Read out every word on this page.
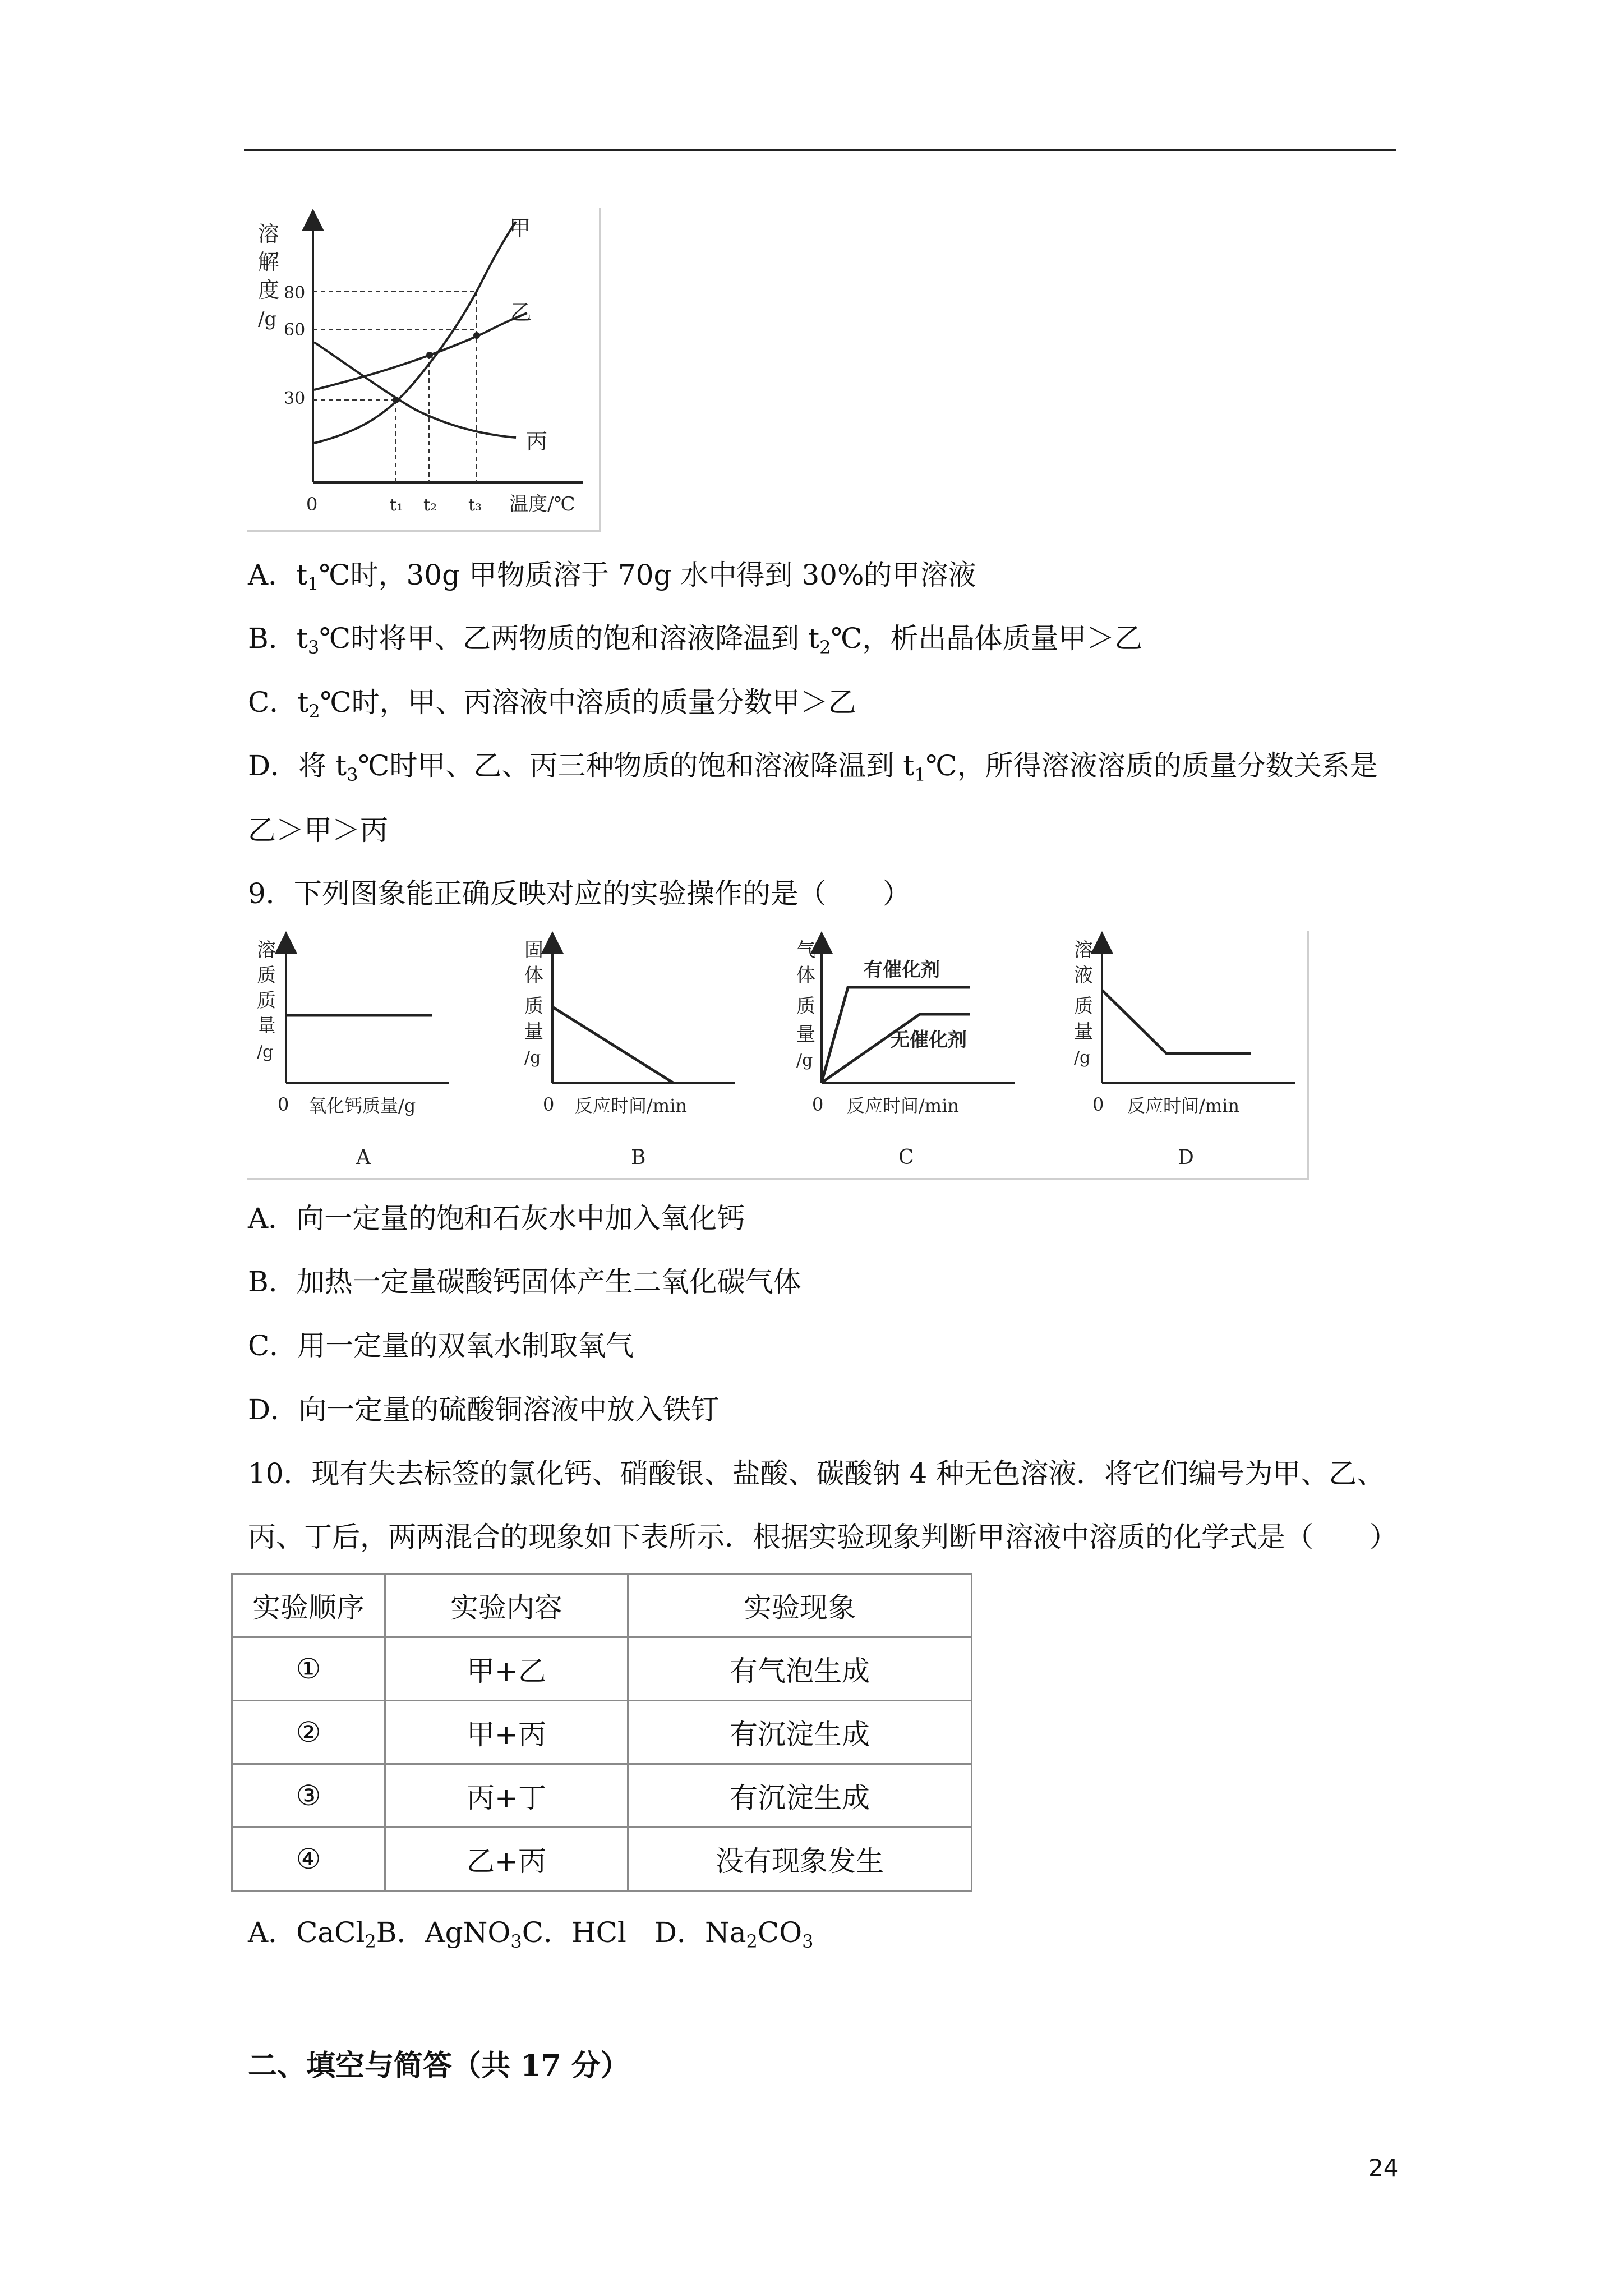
溶
解
度
/g
80
60
30
0	t₁ t₂ t₃ 温度/℃
甲
乙
丙
A．$t_1℃$时，30g 甲物质溶于 70g 水中得到 30%的甲溶液
B．$t_3℃$时将甲、乙两物质的饱和溶液降温到 $t_2℃$，析出晶体质量甲＞乙
C．$t_2℃$时，甲、丙溶液中溶质的质量分数甲＞乙
D．将 $t_3℃$时甲、乙、丙三种物质的饱和溶液降温到 $t_1℃$，所得溶液溶质的质量分数关系是
乙＞甲＞丙
9．下列图象能正确反映对应的实验操作的是（　　）
溶
质
质
量
/g
0 氧化钙质量/g
A
固
体
质
量
/g
0 反应时间/min
B
气
体
质
量
/g
有催化剂
无催化剂
0 反应时间/min
C
溶
液
质
量
/g
0 反应时间/min
D
A．向一定量的饱和石灰水中加入氧化钙
B．加热一定量碳酸钙固体产生二氧化碳气体
C．用一定量的双氧水制取氧气
D．向一定量的硫酸铜溶液中放入铁钉
10．现有失去标签的氯化钙、硝酸银、盐酸、碳酸钠 4 种无色溶液．将它们编号为甲、乙、
丙、丁后，两两混合的现象如下表所示．根据实验现象判断甲溶液中溶质的化学式是（　　）
实验顺序	实验内容	实验现象
①	甲+乙	有气泡生成
②	甲+丙	有沉淀生成
③	丙+丁	有沉淀生成
④	乙+丙	没有现象发生
A．CaCl$_2$B．AgNO$_3$C．HCl　D．$Na_2CO_3$
二、填空与简答（共 17 分）
24
